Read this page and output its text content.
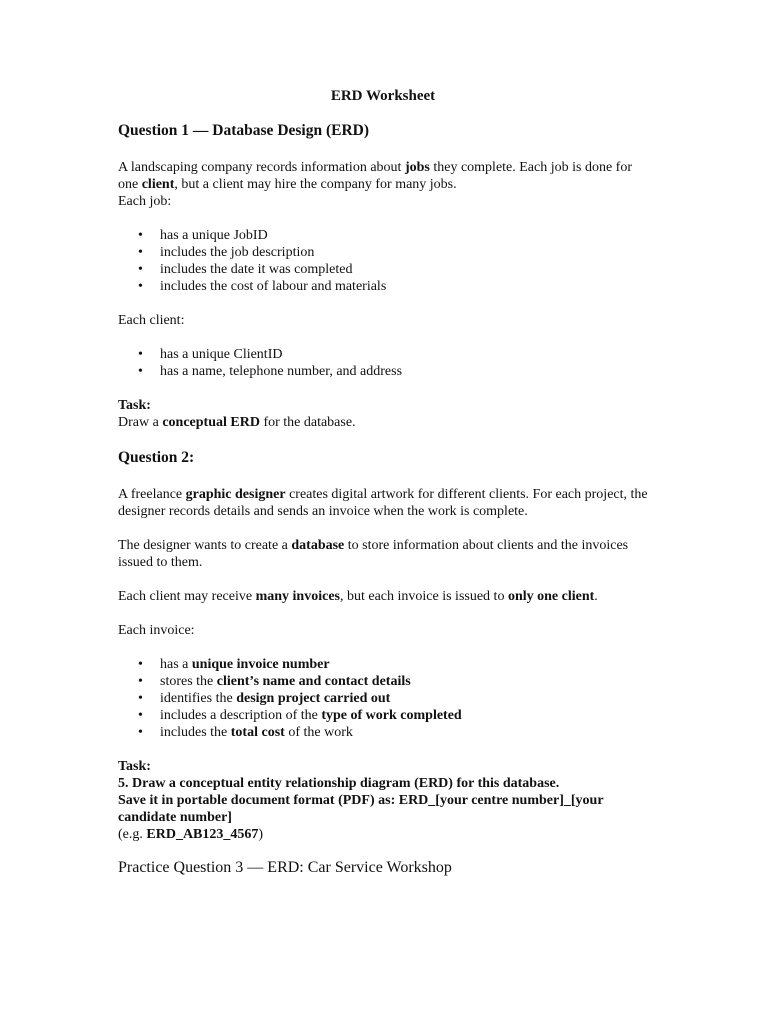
ERD Worksheet
Question 1 — Database Design (ERD)

A landscaping company records information about jobs they complete. Each job is done for one client, but a client may hire the company for many jobs.

Each job:

• has a unique JobID
• includes the job description
• includes the date it was completed
• includes the cost of labour and materials

Each client:

• has a unique ClientID
• has a name, telephone number, and address

Task:

Draw a conceptual ERD for the database.

Question 2:

A freelance graphic designer creates digital artwork for different clients. For each project, the designer records details and sends an invoice when the work is complete.

The designer wants to create a database to store information about clients and the invoices issued to them.

Each client may receive many invoices, but each invoice is issued to only one client.

Each invoice:

• has a unique invoice number
• stores the client’s name and contact details
• identifies the design project carried out
• includes a description of the type of work completed
• includes the total cost of the work

Task:

5. Draw a conceptual entity relationship diagram (ERD) for this database.

Save it in portable document format (PDF) as: ERD_[your centre number]_[your candidate number]

(e.g. ERD_AB123_4567)

Practice Question 3 — ERD: Car Service Workshop
